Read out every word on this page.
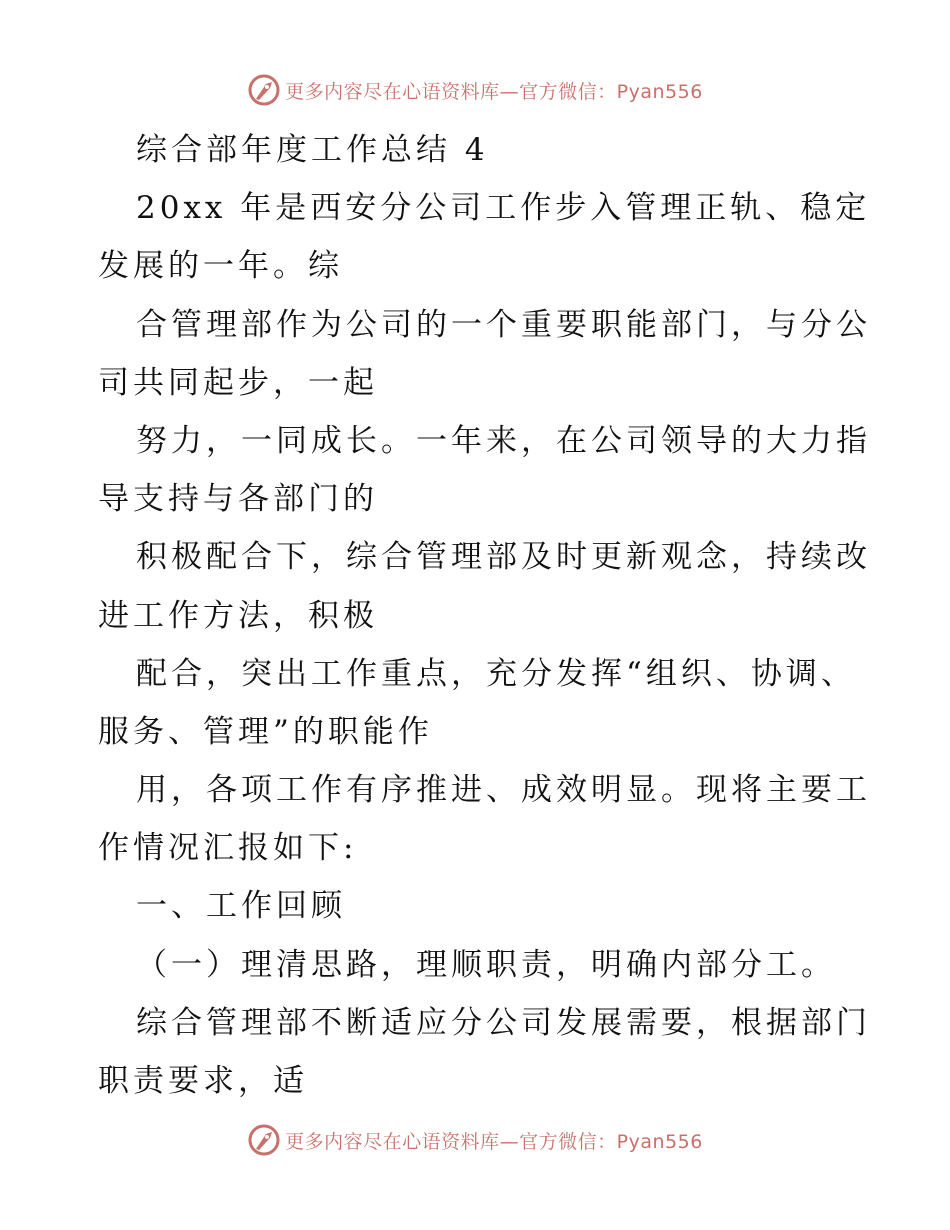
更多内容尽在心语资料库—官方微信：Pyan556
综合部年度工作总结 4
20xx 年是西安分公司工作步入管理正轨、稳定
发展的一年。综
合管理部作为公司的一个重要职能部门，与分公
司共同起步，一起
努力，一同成长。一年来，在公司领导的大力指
导支持与各部门的
积极配合下，综合管理部及时更新观念，持续改
进工作方法，积极
配合，突出工作重点，充分发挥“组织、协调、
服务、管理”的职能作
用，各项工作有序推进、成效明显。现将主要工
作情况汇报如下:
一、工作回顾
（一）理清思路，理顺职责，明确内部分工。
综合管理部不断适应分公司发展需要，根据部门
职责要求，适
更多内容尽在心语资料库—官方微信：Pyan556
